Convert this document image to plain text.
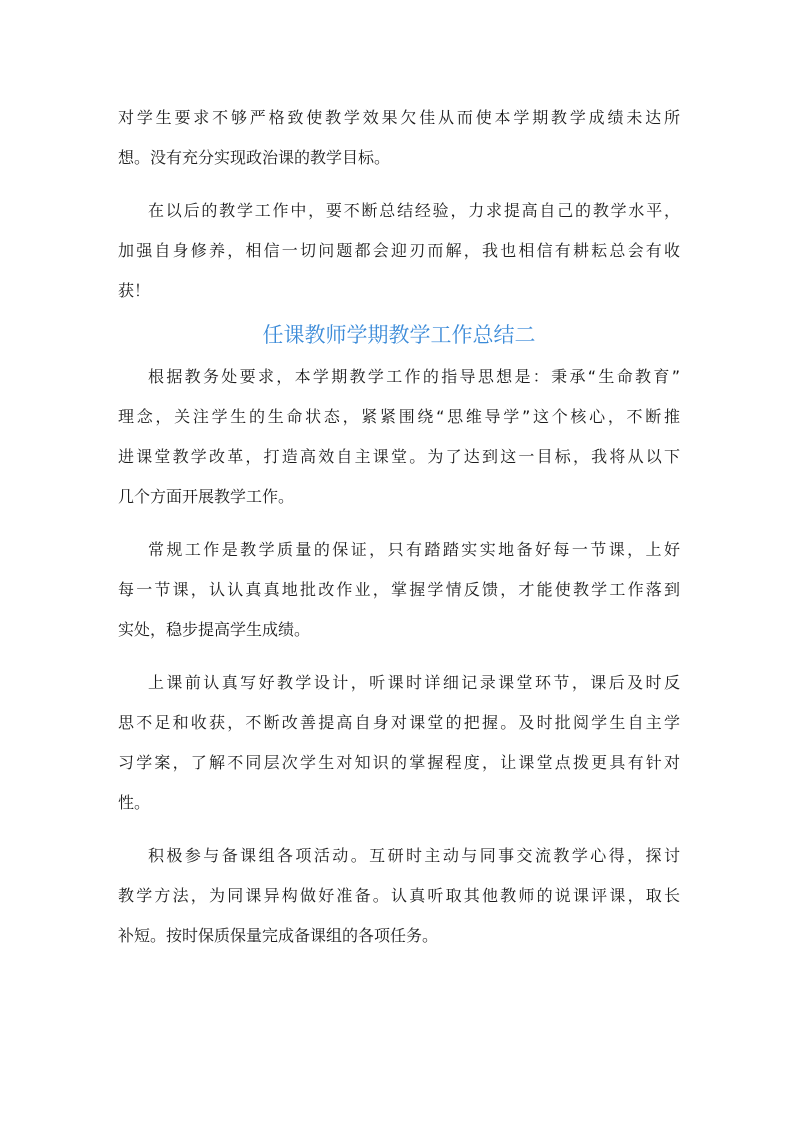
对学生要求不够严格致使教学效果欠佳从而使本学期教学成绩未达所
想。没有充分实现政治课的教学目标。
在以后的教学工作中，要不断总结经验，力求提高自己的教学水平，
加强自身修养，相信一切问题都会迎刃而解，我也相信有耕耘总会有收
获！
任课教师学期教学工作总结二
根据教务处要求，本学期教学工作的指导思想是：秉承“生命教育”
理念，关注学生的生命状态，紧紧围绕“思维导学”这个核心，不断推
进课堂教学改革，打造高效自主课堂。为了达到这一目标，我将从以下
几个方面开展教学工作。
常规工作是教学质量的保证，只有踏踏实实地备好每一节课，上好
每一节课，认认真真地批改作业，掌握学情反馈，才能使教学工作落到
实处，稳步提高学生成绩。
上课前认真写好教学设计，听课时详细记录课堂环节，课后及时反
思不足和收获，不断改善提高自身对课堂的把握。及时批阅学生自主学
习学案，了解不同层次学生对知识的掌握程度，让课堂点拨更具有针对
性。
积极参与备课组各项活动。互研时主动与同事交流教学心得，探讨
教学方法，为同课异构做好准备。认真听取其他教师的说课评课，取长
补短。按时保质保量完成备课组的各项任务。
